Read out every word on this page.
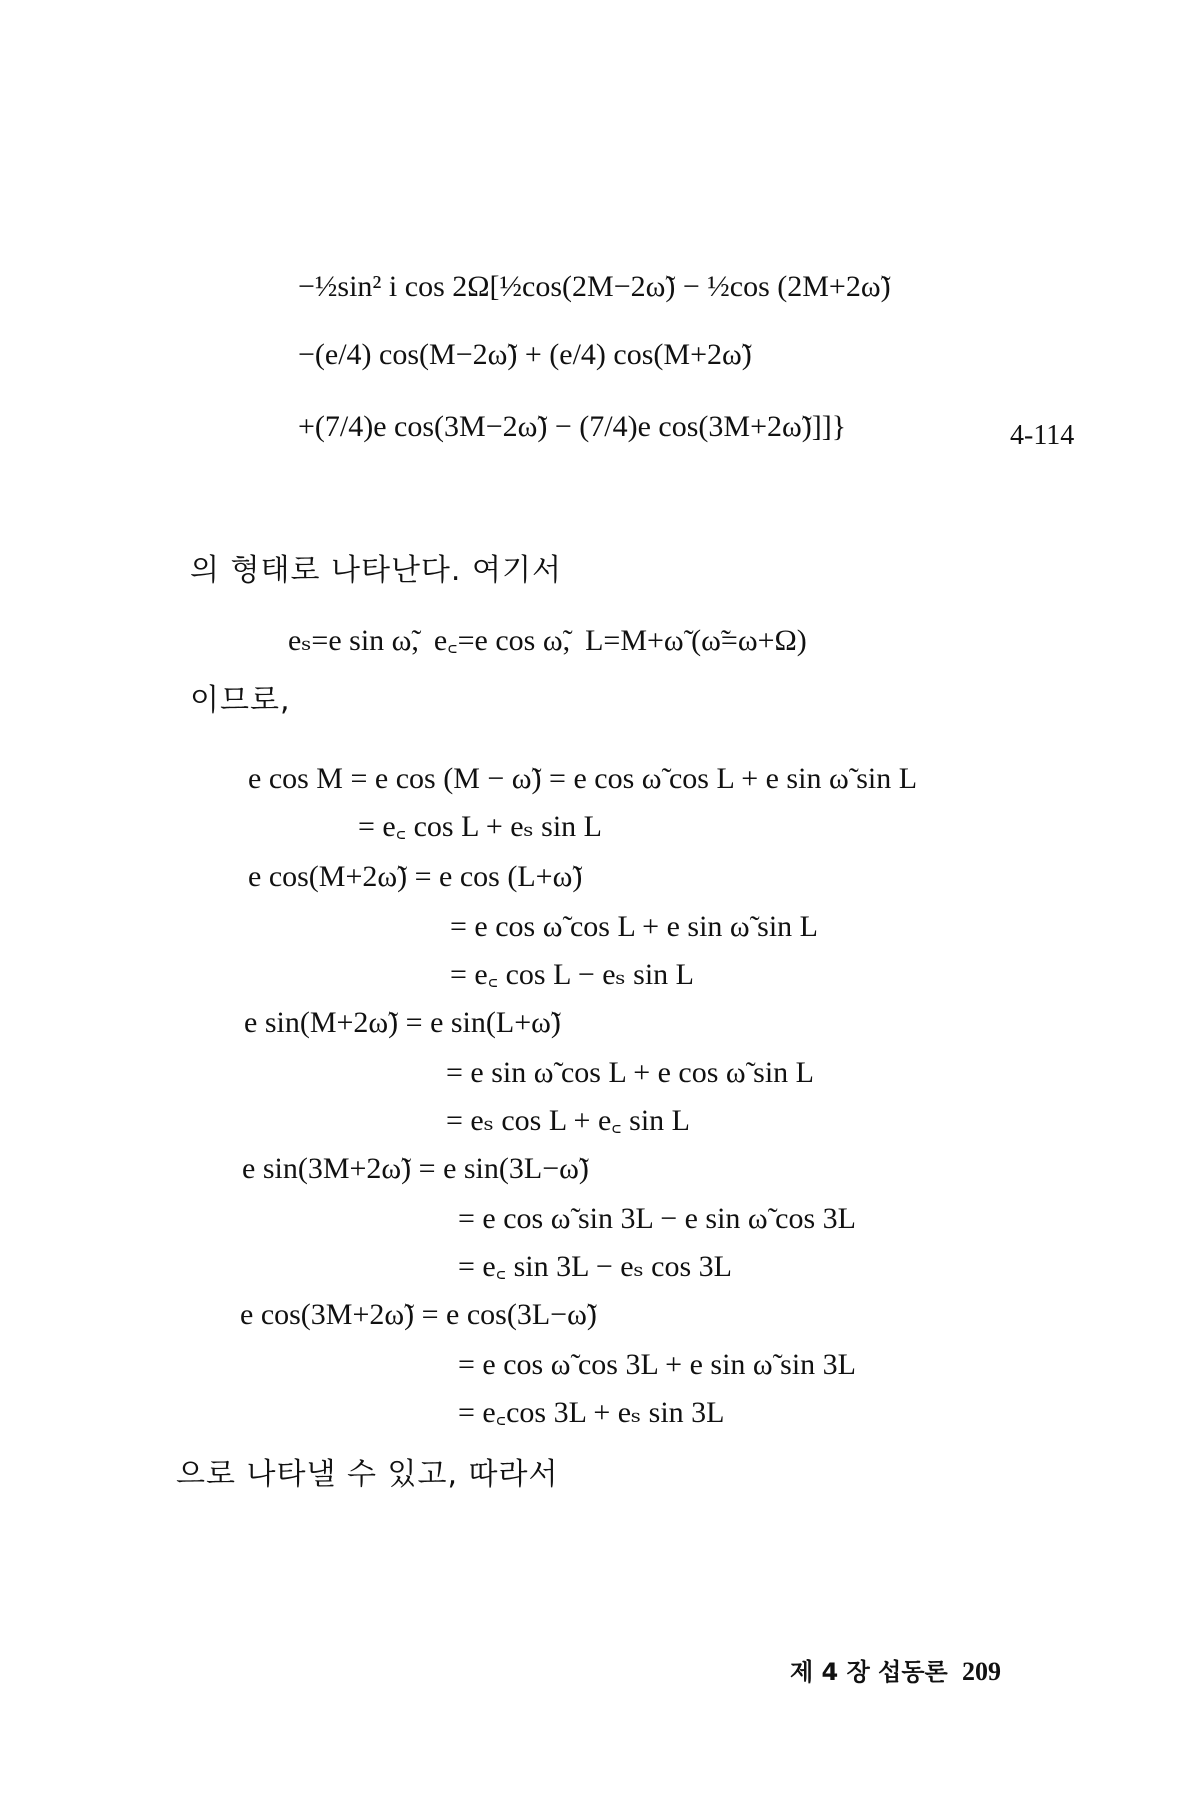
−½sin² i cos 2Ω[½cos(2M−2ω̃) − ½cos (2M+2ω̃)
−(e/4) cos(M−2ω̃) + (e/4) cos(M+2ω̃)
+(7/4)e cos(3M−2ω̃) − (7/4)e cos(3M+2ω̃)]]}	4-114
의 형태로 나타난다. 여기서
eₛ=e sin ω̃,  e꜀=e cos ω̃,  L=M+ω̃ (ω̃=ω+Ω)
이므로,
e cos M = e cos (M − ω̃) = e cos ω̃ cos L + e sin ω̃ sin L
= e꜀ cos L + eₛ sin L
e cos(M+2ω̃) = e cos (L+ω̃)
= e cos ω̃ cos L + e sin ω̃ sin L
= e꜀ cos L − eₛ sin L
e sin(M+2ω̃) = e sin(L+ω̃)
= e sin ω̃ cos L + e cos ω̃ sin L
= eₛ cos L + e꜀ sin L
e sin(3M+2ω̃) = e sin(3L−ω̃)
= e cos ω̃ sin 3L − e sin ω̃ cos 3L
= e꜀ sin 3L − eₛ cos 3L
e cos(3M+2ω̃) = e cos(3L−ω̃)
= e cos ω̃ cos 3L + e sin ω̃ sin 3L
= e꜀cos 3L + eₛ sin 3L
으로 나타낼 수 있고, 따라서
제 4 장 섭동론 209
